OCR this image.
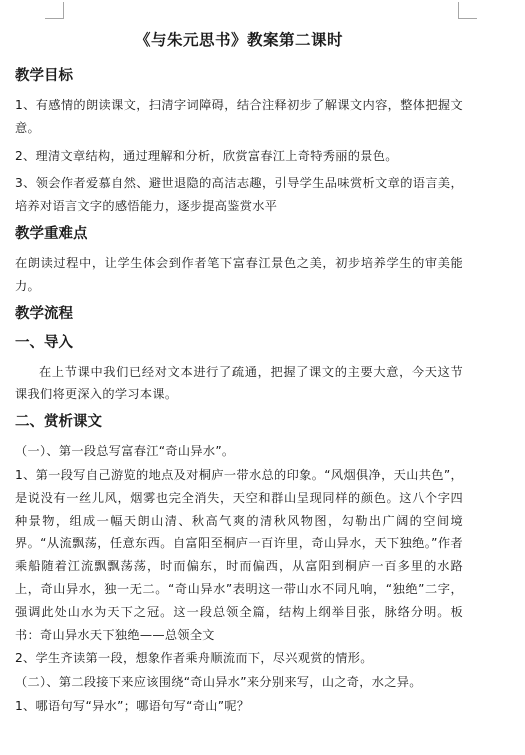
《与朱元思书》教案第二课时
教学目标
1、有感情的朗读课文，扫清字词障碍，结合注释初步了解课文内容，整体把握文意。
2、理清文章结构，通过理解和分析，欣赏富春江上奇特秀丽的景色。
3、领会作者爱慕自然、避世退隐的高洁志趣，引导学生品味赏析文章的语言美，培养对语言文字的感悟能力，逐步提高鉴赏水平
教学重难点
在朗读过程中，让学生体会到作者笔下富春江景色之美，初步培养学生的审美能力。
教学流程
一、导入
在上节课中我们已经对文本进行了疏通，把握了课文的主要大意，今天这节课我们将更深入的学习本课。
二、赏析课文
（一）、第一段总写富春江“奇山异水”。
1、第一段写自己游览的地点及对桐庐一带水总的印象。“风烟俱净，天山共色”，是说没有一丝儿风，烟雾也完全消失，天空和群山呈现同样的颜色。这八个字四种景物，组成一幅天朗山清、秋高气爽的清秋风物图，勾勒出广阔的空间境界。“从流飘荡，任意东西。自富阳至桐庐一百许里，奇山异水，天下独绝。”作者乘船随着江流飘飘荡荡，时而偏东，时而偏西，从富阳到桐庐一百多里的水路上，奇山异水，独一无二。“奇山异水”表明这一带山水不同凡响，“独绝”二字，强调此处山水为天下之冠。这一段总领全篇，结构上纲举目张，脉络分明。板书：奇山异水天下独绝——总领全文
2、学生齐读第一段，想象作者乘舟顺流而下，尽兴观赏的情形。
（二）、第二段接下来应该围绕“奇山异水”来分别来写，山之奇，水之异。
1、哪语句写“异水”；哪语句写“奇山”呢？
